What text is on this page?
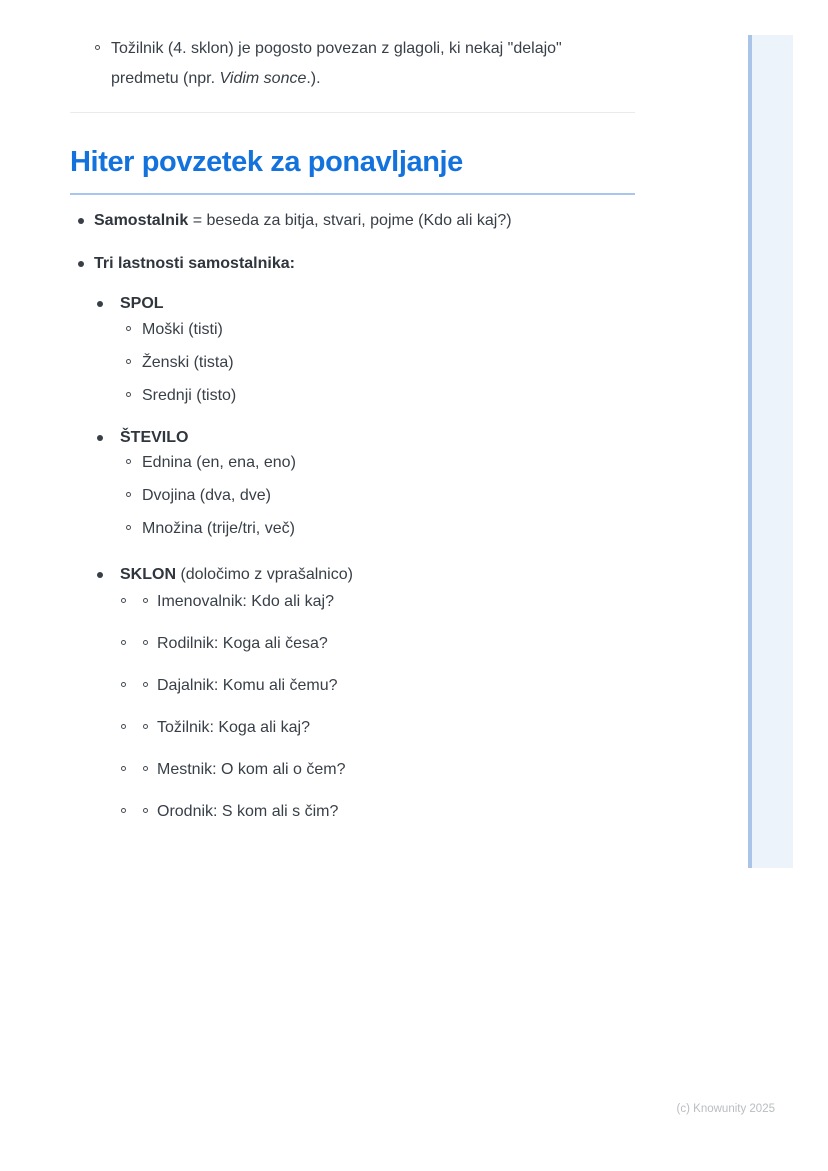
Tožilnik (4. sklon) je pogosto povezan z glagoli, ki nekaj "delajo"
predmetu (npr. Vidim sonce.).
Hiter povzetek za ponavljanje
Samostalnik = beseda za bitja, stvari, pojme (Kdo ali kaj?)
Tri lastnosti samostalnika:
SPOL
Moški (tisti)
Ženski (tista)
Srednji (tisto)
ŠTEVILO
Ednina (en, ena, eno)
Dvojina (dva, dve)
Množina (trije/tri, več)
SKLON (določimo z vprašalnico)
Imenovalnik: Kdo ali kaj?
Rodilnik: Koga ali česa?
Dajalnik: Komu ali čemu?
Tožilnik: Koga ali kaj?
Mestnik: O kom ali o čem?
Orodnik: S kom ali s čim?
(c) Knowunity 2025
